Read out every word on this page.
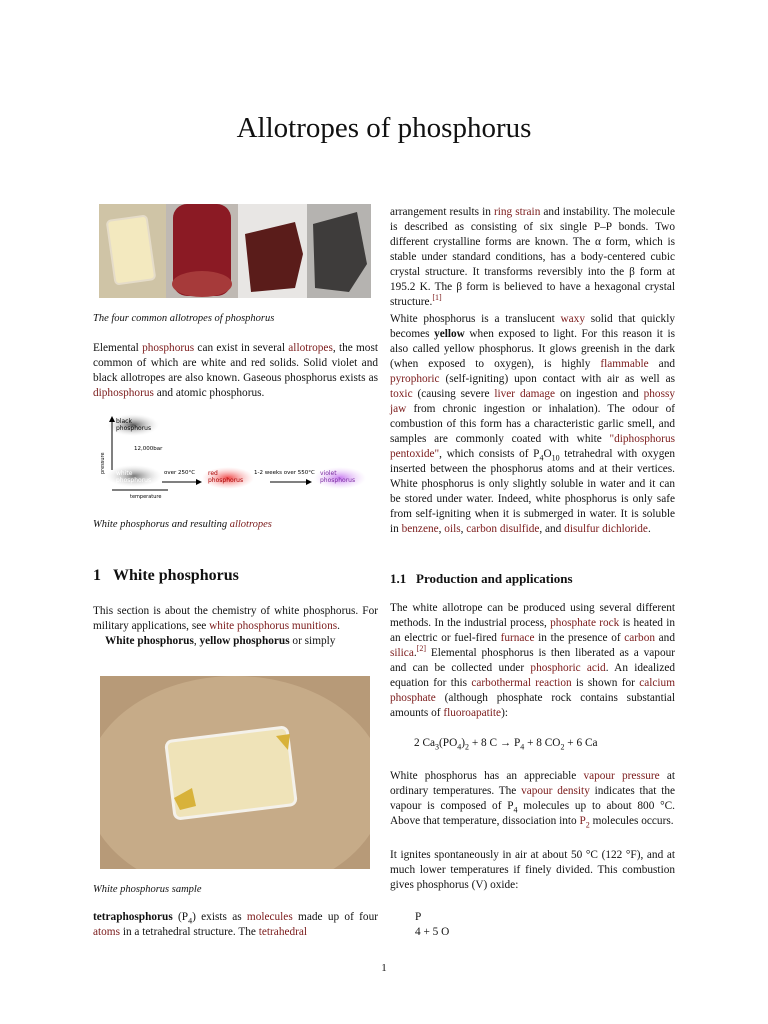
Allotropes of phosphorus
The four common allotropes of phosphorus

Elemental phosphorus can exist in several allotropes, the most common of which are white and red solids. Solid violet and black allotropes are also known. Gaseous phosphorus exists as diphosphorus and atomic phosphorus.

black phosphorus
12,000bar
pressure white phosphorus
over 250°C red phosphorus
1-2 weeks over 550°C violet phosphorus
temperature
White phosphorus and resulting allotropes
1 White phosphorus

This section is about the chemistry of white phosphorus. For military applications, see white phosphorus munitions.

White phosphorus, yellow phosphorus or simply

White phosphorus sample

tetraphosphorus $(P_4)$ exists as molecules made up of four atoms in a tetrahedral structure. The tetrahedral

arrangement results in ring strain and instability. The molecule is described as consisting of six single P–P bonds. Two different crystalline forms are known. The α form, which is stable under standard conditions, has a body-centered cubic crystal structure. It transforms reversibly into the β form at 195.2 K. The β form is believed to have a hexagonal crystal structure.[1]

White phosphorus is a translucent waxy solid that quickly becomes yellow when exposed to light. For this reason it is also called yellow phosphorus. It glows greenish in the dark (when exposed to oxygen), is highly flammable and pyrophoric (self-igniting) upon contact with air as well as toxic (causing severe liver damage on ingestion and phossy jaw from chronic ingestion or inhalation). The odour of combustion of this form has a characteristic garlic smell, and samples are commonly coated with white "diphosphorus pentoxide", which consists of $P_4O_{10}$ tetrahedral with oxygen inserted between the phosphorus atoms and at their vertices. White phosphorus is only slightly soluble in water and it can be stored under water. Indeed, white phosphorus is only safe from self-igniting when it is submerged in water. It is soluble in benzene, oils, carbon disulfide, and disulfur dichloride.

1.1 Production and applications

The white allotrope can be produced using several different methods. In the industrial process, phosphate rock is heated in an electric or fuel-fired furnace in the presence of carbon and silica.[2] Elemental phosphorus is then liberated as a vapour and can be collected under phosphoric acid. An idealized equation for this carbothermal reaction is shown for calcium phosphate (although phosphate rock contains substantial amounts of fluoroapatite):

2 $Ca_3(PO_4)_2 + 8$ $C \to P_4 + 8$ $CO_2 + 6$ Ca

White phosphorus has an appreciable vapour pressure at ordinary temperatures. The vapour density indicates that the vapour is composed of $P_4$ molecules up to about 800 °C. Above that temperature, dissociation into $P_2$ molecules occurs.

It ignites spontaneously in air at about 50 °C (122 °F), and at much lower temperatures if finely divided. This combustion gives phosphorus (V) oxide:

P
4 + 5 O
1
